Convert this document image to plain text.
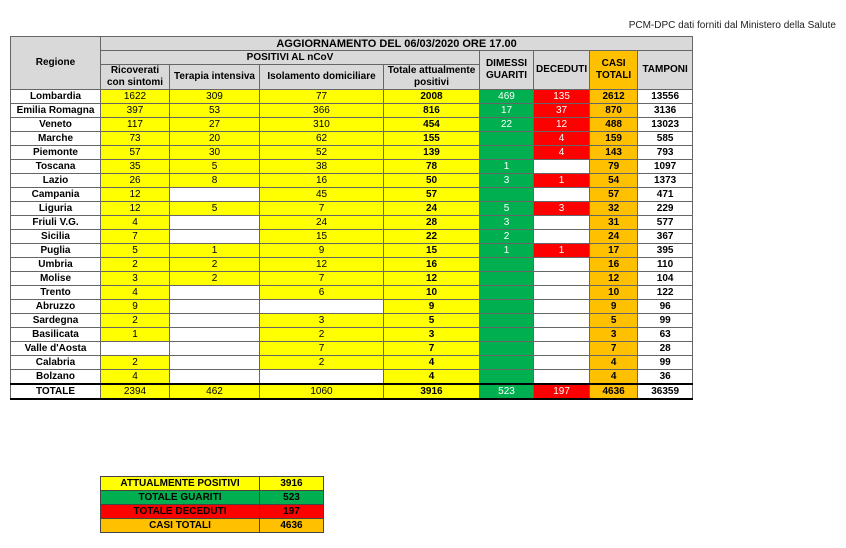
PCM-DPC dati forniti dal Ministero della Salute
Regione	AGGIORNAMENTO DEL 06/03/2020 ORE 17.00							
	POSITIVI AL nCoV				DIMESSI GUARITI	DECEDUTI	CASI TOTALI	TAMPONI
	Ricoverati con sintomi	Terapia intensiva	Isolamento domiciliare	Totale attualmente positivi				
Lombardia	1622	309	77	2008	469	135	2612	13556
Emilia Romagna	397	53	366	816	17	37	870	3136
Veneto	117	27	310	454	22	12	488	13023
Marche	73	20	62	155		4	159	585
Piemonte	57	30	52	139		4	143	793
Toscana	35	5	38	78	1		79	1097
Lazio	26	8	16	50	3	1	54	1373
Campania	12		45	57			57	471
Liguria	12	5	7	24	5	3	32	229
Friuli V.G.	4		24	28	3		31	577
Sicilia	7		15	22	2		24	367
Puglia	5	1	9	15	1	1	17	395
Umbria	2	2	12	16			16	110
Molise	3	2	7	12			12	104
Trento	4		6	10			10	122
Abruzzo	9			9			9	96
Sardegna	2		3	5			5	99
Basilicata	1		2	3			3	63
Valle d'Aosta			7	7			7	28
Calabria	2		2	4			4	99
Bolzano	4			4			4	36
TOTALE	2394	462	1060	3916	523	197	4636	36359
ATTUALMENTE POSITIVI	3916
TOTALE GUARITI	523
TOTALE DECEDUTI	197
CASI TOTALI	4636
